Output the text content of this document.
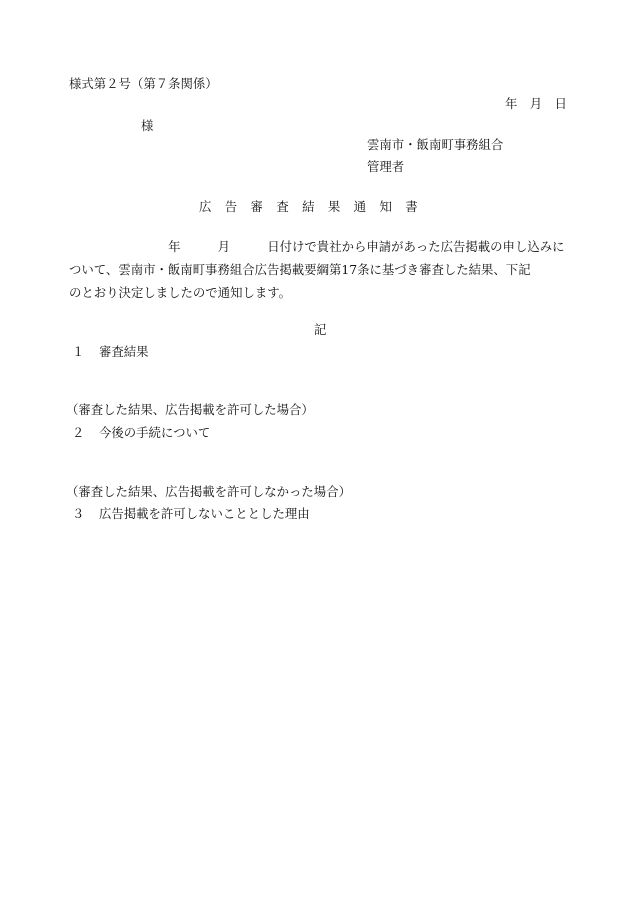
様式第２号（第７条関係）
年　月　日
様
雲南市・飯南町事務組合
管理者
広　告　審　査　結　果　通　知　書
　　　　　　　　年　　　月　　　日付けで貴社から申請があった広告掲載の申し込みに
ついて、雲南市・飯南町事務組合広告掲載要綱第17条に基づき審査した結果、下記
のとおり決定しましたので通知します。
記
１ 審査結果
（審査した結果、広告掲載を許可した場合）
２ 今後の手続について
（審査した結果、広告掲載を許可しなかった場合）
３ 広告掲載を許可しないこととした理由
